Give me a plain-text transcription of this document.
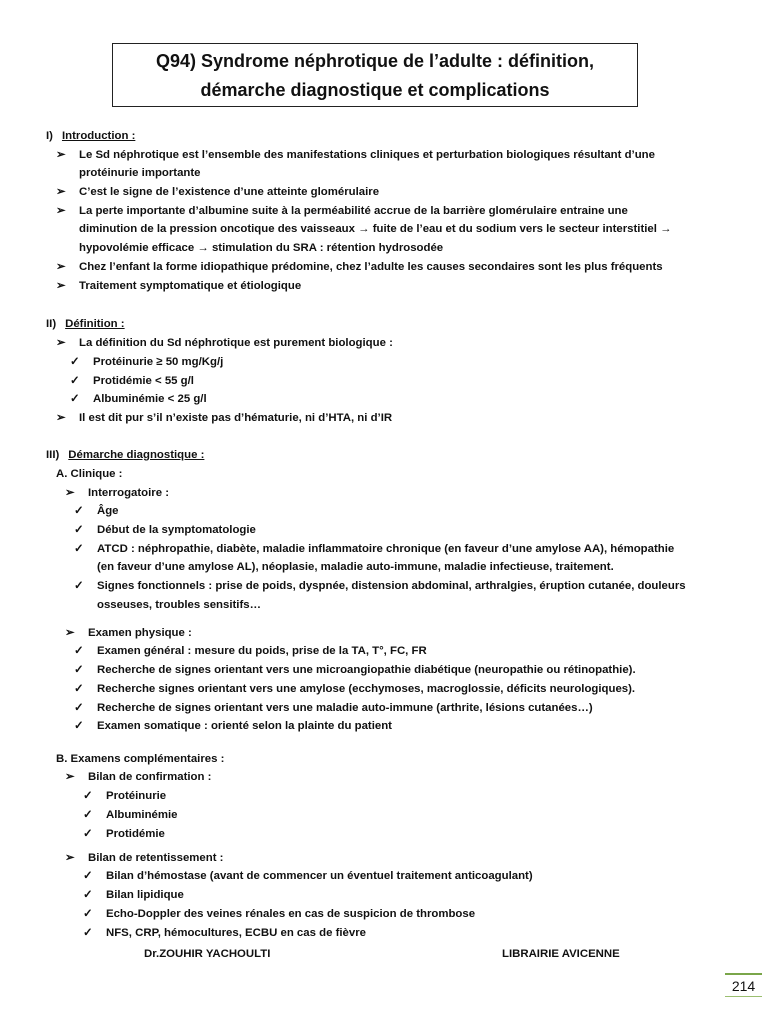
Q94) Syndrome néphrotique de l’adulte : définition,
démarche diagnostique et complications
I) Introduction :
➢ Le Sd néphrotique est l’ensemble des manifestations cliniques et perturbation biologiques résultant d’une
protéinurie importante
➢ C’est le signe de l’existence d’une atteinte glomérulaire
➢ La perte importante d’albumine suite à la perméabilité accrue de la barrière glomérulaire entraine une
diminution de la pression oncotique des vaisseaux → fuite de l’eau et du sodium vers le secteur interstitiel →
hypovolémie efficace → stimulation du SRA : rétention hydrosodée
➢ Chez l’enfant la forme idiopathique prédomine, chez l’adulte les causes secondaires sont les plus fréquents
➢ Traitement symptomatique et étiologique
II) Définition :
➢ La définition du Sd néphrotique est purement biologique :
✓ Protéinurie ≥ 50 mg/Kg/j
✓ Protidémie < 55 g/l
✓ Albuminémie < 25 g/l
➢ Il est dit pur s’il n’existe pas d’hématurie, ni d’HTA, ni d’IR
III) Démarche diagnostique :
A. Clinique :
➢ Interrogatoire :
✓ Âge
✓ Début de la symptomatologie
✓ ATCD : néphropathie, diabète, maladie inflammatoire chronique (en faveur d’une amylose AA), hémopathie
(en faveur d’une amylose AL), néoplasie, maladie auto-immune, maladie infectieuse, traitement.
✓ Signes fonctionnels : prise de poids, dyspnée, distension abdominal, arthralgies, éruption cutanée, douleurs
osseuses, troubles sensitifs…
➢ Examen physique :
✓ Examen général : mesure du poids, prise de la TA, T°, FC, FR
✓ Recherche de signes orientant vers une microangiopathie diabétique (neuropathie ou rétinopathie).
✓ Recherche signes orientant vers une amylose (ecchymoses, macroglossie, déficits neurologiques).
✓ Recherche de signes orientant vers une maladie auto-immune (arthrite, lésions cutanées…)
✓ Examen somatique : orienté selon la plainte du patient
B. Examens complémentaires :
➢ Bilan de confirmation :
✓ Protéinurie
✓ Albuminémie
✓ Protidémie
➢ Bilan de retentissement :
✓ Bilan d’hémostase (avant de commencer un éventuel traitement anticoagulant)
✓ Bilan lipidique
✓ Echo-Doppler des veines rénales en cas de suspicion de thrombose
✓ NFS, CRP, hémocultures, ECBU en cas de fièvre
Dr.ZOUHIR YACHOULTI	LIBRAIRIE AVICENNE
214
